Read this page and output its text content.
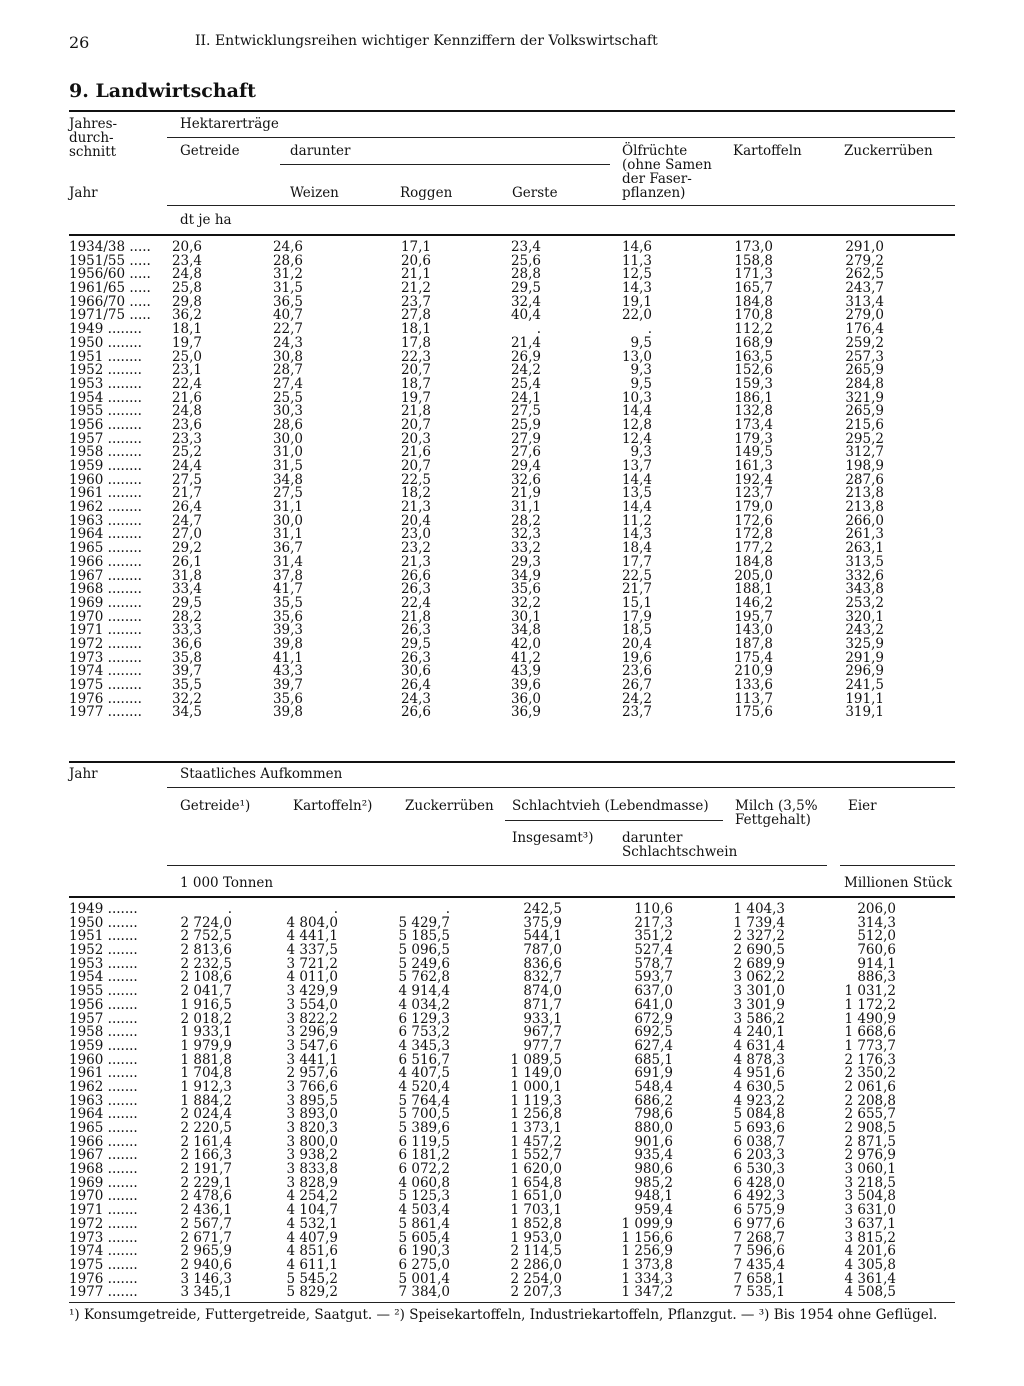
26	II. Entwicklungsreihen wichtiger Kennziffern der Volkswirtschaft
9. Landwirtschaft
Jahres-
durch-
schnitt
Jahr
Hektarerträge
Getreide	darunter
Weizen	Roggen	Gerste
Ölfrüchte
(ohne Samen
der Faser-
pflanzen)
Kartoffeln	Zuckerrüben
dt je ha
1934/38 ..... 20,6	24,6	17,1	23,4	14,6	173,0	291,0
1951/55 ..... 23,4	28,6	20,6	25,6	11,3	158,8	279,2
1956/60 ..... 24,8	31,2	21,1	28,8	12,5	171,3	262,5
1961/65 ..... 25,8	31,5	21,2	29,5	14,3	165,7	243,7
1966/70 ..... 29,8	36,5	23,7	32,4	19,1	184,8	313,4
1971/75 ..... 36,2	40,7	27,8	40,4	22,0	170,8	279,0
1949 ........ 18,1	22,7	18,1	.	.	112,2	176,4
1950 ........ 19,7	24,3	17,8	21,4	9,5	168,9	259,2
1951 ........ 25,0	30,8	22,3	26,9	13,0	163,5	257,3
1952 ........ 23,1	28,7	20,7	24,2	9,3	152,6	265,9
1953 ........ 22,4	27,4	18,7	25,4	9,5	159,3	284,8
1954 ........ 21,6	25,5	19,7	24,1	10,3	186,1	321,9
1955 ........ 24,8	30,3	21,8	27,5	14,4	132,8	265,9
1956 ........ 23,6	28,6	20,7	25,9	12,8	173,4	215,6
1957 ........ 23,3	30,0	20,3	27,9	12,4	179,3	295,2
1958 ........ 25,2	31,0	21,6	27,6	9,3	149,5	312,7
1959 ........ 24,4	31,5	20,7	29,4	13,7	161,3	198,9
1960 ........ 27,5	34,8	22,5	32,6	14,4	192,4	287,6
1961 ........ 21,7	27,5	18,2	21,9	13,5	123,7	213,8
1962 ........ 26,4	31,1	21,3	31,1	14,4	179,0	213,8
1963 ........ 24,7	30,0	20,4	28,2	11,2	172,6	266,0
1964 ........ 27,0	31,1	23,0	32,3	14,3	172,8	261,3
1965 ........ 29,2	36,7	23,2	33,2	18,4	177,2	263,1
1966 ........ 26,1	31,4	21,3	29,3	17,7	184,8	313,5
1967 ........ 31,8	37,8	26,6	34,9	22,5	205,0	332,6
1968 ........ 33,4	41,7	26,3	35,6	21,7	188,1	343,8
1969 ........ 29,5	35,5	22,4	32,2	15,1	146,2	253,2
1970 ........ 28,2	35,6	21,8	30,1	17,9	195,7	320,1
1971 ........ 33,3	39,3	26,3	34,8	18,5	143,0	243,2
1972 ........ 36,6	39,8	29,5	42,0	20,4	187,8	325,9
1973 ........ 35,8	41,1	26,3	41,2	19,6	175,4	291,9
1974 ........ 39,7	43,3	30,6	43,9	23,6	210,9	296,9
1975 ........ 35,5	39,7	26,4	39,6	26,7	133,6	241,5
1976 ........ 32,2	35,6	24,3	36,0	24,2	113,7	191,1
1977 ........ 34,5	39,8	26,6	36,9	23,7	175,6	319,1
Jahr	Staatliches Aufkommen
Getreide¹)	Kartoffeln²) Zuckerrüben Schlachtvieh (Lebendmasse)
Insgesamt³) darunter
Schlachtschwein
Milch (3,5%
Fettgehalt)
Eier
1 000 Tonnen	Millionen Stück
1949 .......	.	.	.	242,5	110,6	1 404,3	206,0
1950 .......	2 724,0	4 804,0	5 429,7	375,9	217,3	1 739,4	314,3
1951 .......	2 752,5	4 441,1	5 185,5	544,1	351,2	2 327,2	512,0
1952 .......	2 813,6	4 337,5	5 096,5	787,0	527,4	2 690,5	760,6
1953 .......	2 232,5	3 721,2	5 249,6	836,6	578,7	2 689,9	914,1
1954 .......	2 108,6	4 011,0	5 762,8	832,7	593,7	3 062,2	886,3
1955 .......	2 041,7	3 429,9	4 914,4	874,0	637,0	3 301,0	1 031,2
1956 .......	1 916,5	3 554,0	4 034,2	871,7	641,0	3 301,9	1 172,2
1957 .......	2 018,2	3 822,2	6 129,3	933,1	672,9	3 586,2	1 490,9
1958 .......	1 933,1	3 296,9	6 753,2	967,7	692,5	4 240,1	1 668,6
1959 .......	1 979,9	3 547,6	4 345,3	977,7	627,4	4 631,4	1 773,7
1960 .......	1 881,8	3 441,1	6 516,7	1 089,5	685,1	4 878,3	2 176,3
1961 .......	1 704,8	2 957,6	4 407,5	1 149,0	691,9	4 951,6	2 350,2
1962 .......	1 912,3	3 766,6	4 520,4	1 000,1	548,4	4 630,5	2 061,6
1963 .......	1 884,2	3 895,5	5 764,4	1 119,3	686,2	4 923,2	2 208,8
1964 .......	2 024,4	3 893,0	5 700,5	1 256,8	798,6	5 084,8	2 655,7
1965 .......	2 220,5	3 820,3	5 389,6	1 373,1	880,0	5 693,6	2 908,5
1966 .......	2 161,4	3 800,0	6 119,5	1 457,2	901,6	6 038,7	2 871,5
1967 .......	2 166,3	3 938,2	6 181,2	1 552,7	935,4	6 203,3	2 976,9
1968 .......	2 191,7	3 833,8	6 072,2	1 620,0	980,6	6 530,3	3 060,1
1969 .......	2 229,1	3 828,9	4 060,8	1 654,8	985,2	6 428,0	3 218,5
1970 .......	2 478,6	4 254,2	5 125,3	1 651,0	948,1	6 492,3	3 504,8
1971 .......	2 436,1	4 104,7	4 503,4	1 703,1	959,4	6 575,9	3 631,0
1972 .......	2 567,7	4 532,1	5 861,4	1 852,8	1 099,9	6 977,6	3 637,1
1973 .......	2 671,7	4 407,9	5 605,4	1 953,0	1 156,6	7 268,7	3 815,2
1974 .......	2 965,9	4 851,6	6 190,3	2 114,5	1 256,9	7 596,6	4 201,6
1975 .......	2 940,6	4 611,1	6 275,0	2 286,0	1 373,8	7 435,4	4 305,8
1976 .......	3 146,3	5 545,2	5 001,4	2 254,0	1 334,3	7 658,1	4 361,4
1977 .......	3 345,1	5 829,2	7 384,0	2 207,3	1 347,2	7 535,1	4 508,5
¹) Konsumgetreide, Futtergetreide, Saatgut. — ²) Speisekartoffeln, Industriekartoffeln, Pflanzgut. — ³) Bis 1954 ohne Geflügel.
